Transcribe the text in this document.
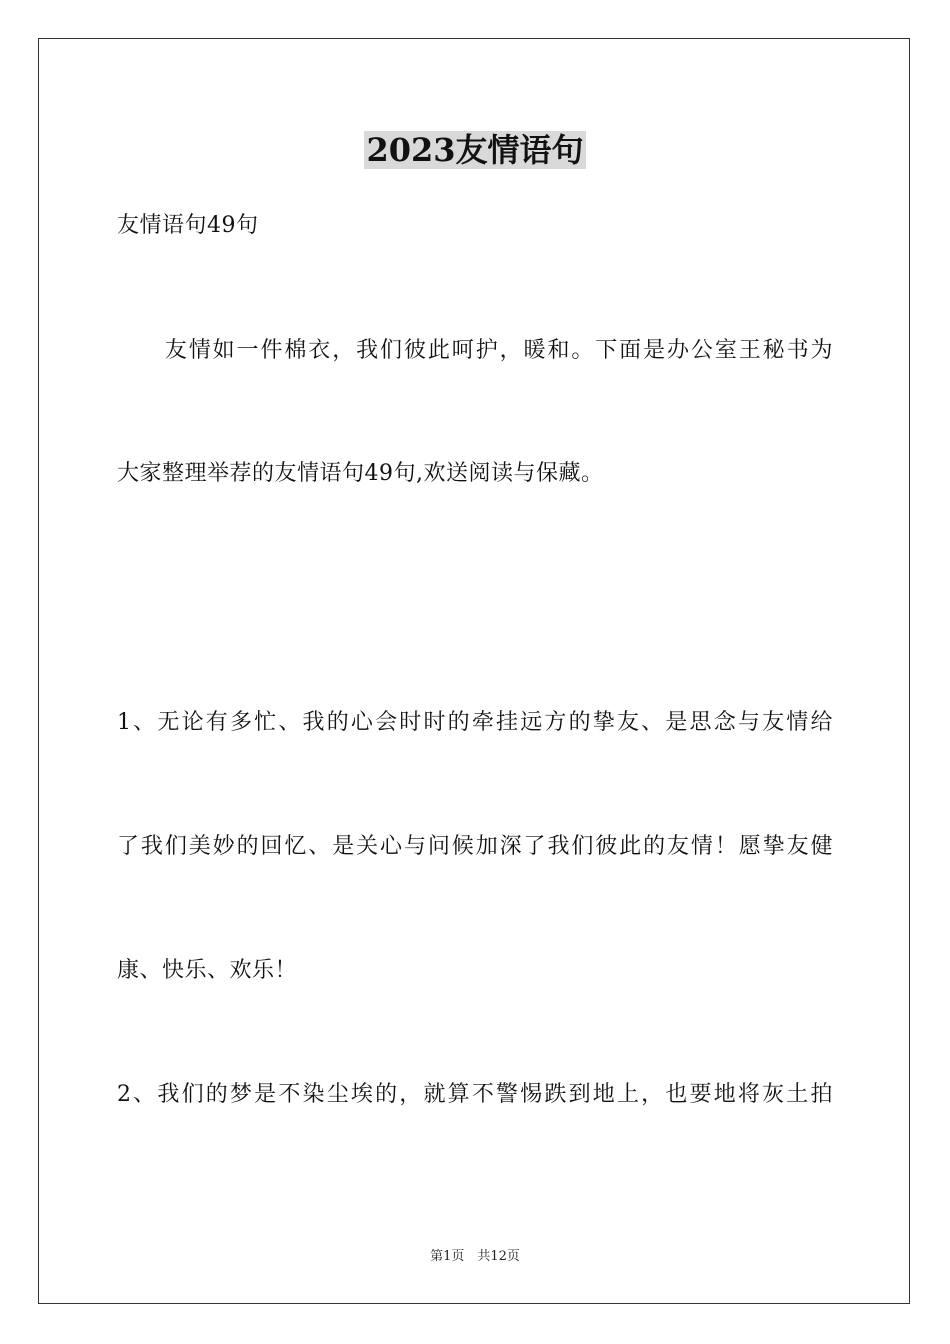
2023友情语句
友情语句49句
　　友情如一件棉衣，我们彼此呵护，暖和。下面是办公室王秘书为
大家整理举荐的友情语句49句,欢送阅读与保藏。
1、无论有多忙、我的心会时时的牵挂远方的挚友、是思念与友情给
了我们美妙的回忆、是关心与问候加深了我们彼此的友情！愿挚友健
康、快乐、欢乐！
2、我们的梦是不染尘埃的，就算不警惕跌到地上，也要地将灰土拍
第1页　共12页
